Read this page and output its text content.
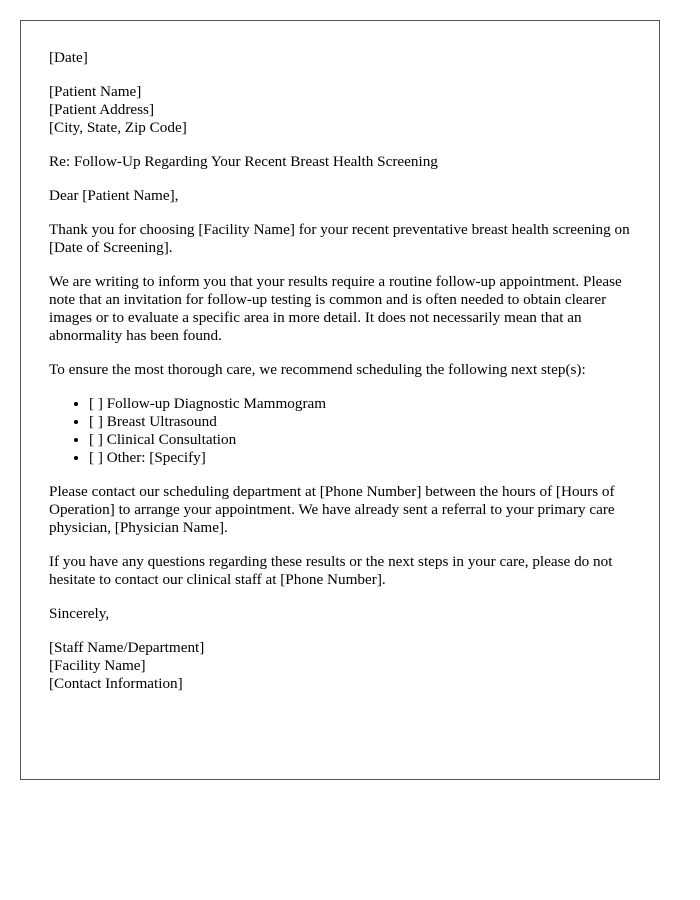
[Date]
[Patient Name]
[Patient Address]
[City, State, Zip Code]
Re: Follow-Up Regarding Your Recent Breast Health Screening
Dear [Patient Name],

Thank you for choosing [Facility Name] for your recent preventative breast health screening on [Date of Screening].

We are writing to inform you that your results require a routine follow-up appointment. Please note that an invitation for follow-up testing is common and is often needed to obtain clearer images or to evaluate a specific area in more detail. It does not necessarily mean that an abnormality has been found.

To ensure the most thorough care, we recommend scheduling the following next step(s):

• [ ] Follow-up Diagnostic Mammogram
• [ ] Breast Ultrasound
• [ ] Clinical Consultation
• [ ] Other: [Specify]

Please contact our scheduling department at [Phone Number] between the hours of [Hours of Operation] to arrange your appointment. We have already sent a referral to your primary care physician, [Physician Name].

If you have any questions regarding these results or the next steps in your care, please do not hesitate to contact our clinical staff at [Phone Number].

Sincerely,
[Staff Name/Department]
[Facility Name]
[Contact Information]
